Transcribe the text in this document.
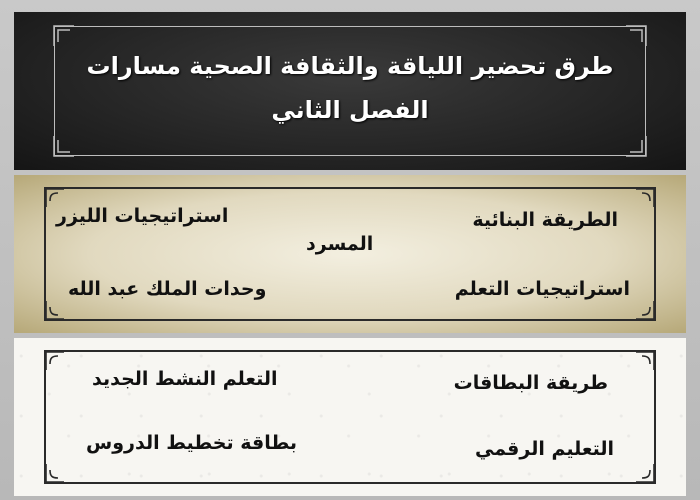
طرق تحضير اللياقة والثقافة الصحية مسارات
الفصل الثاني
الطريقة البنائية
استراتيجيات الليزر
المسرد
استراتيجيات التعلم
وحدات الملك عبد الله
طريقة البطاقات
التعلم النشط الجديد
التعليم الرقمي
بطاقة تخطيط الدروس
